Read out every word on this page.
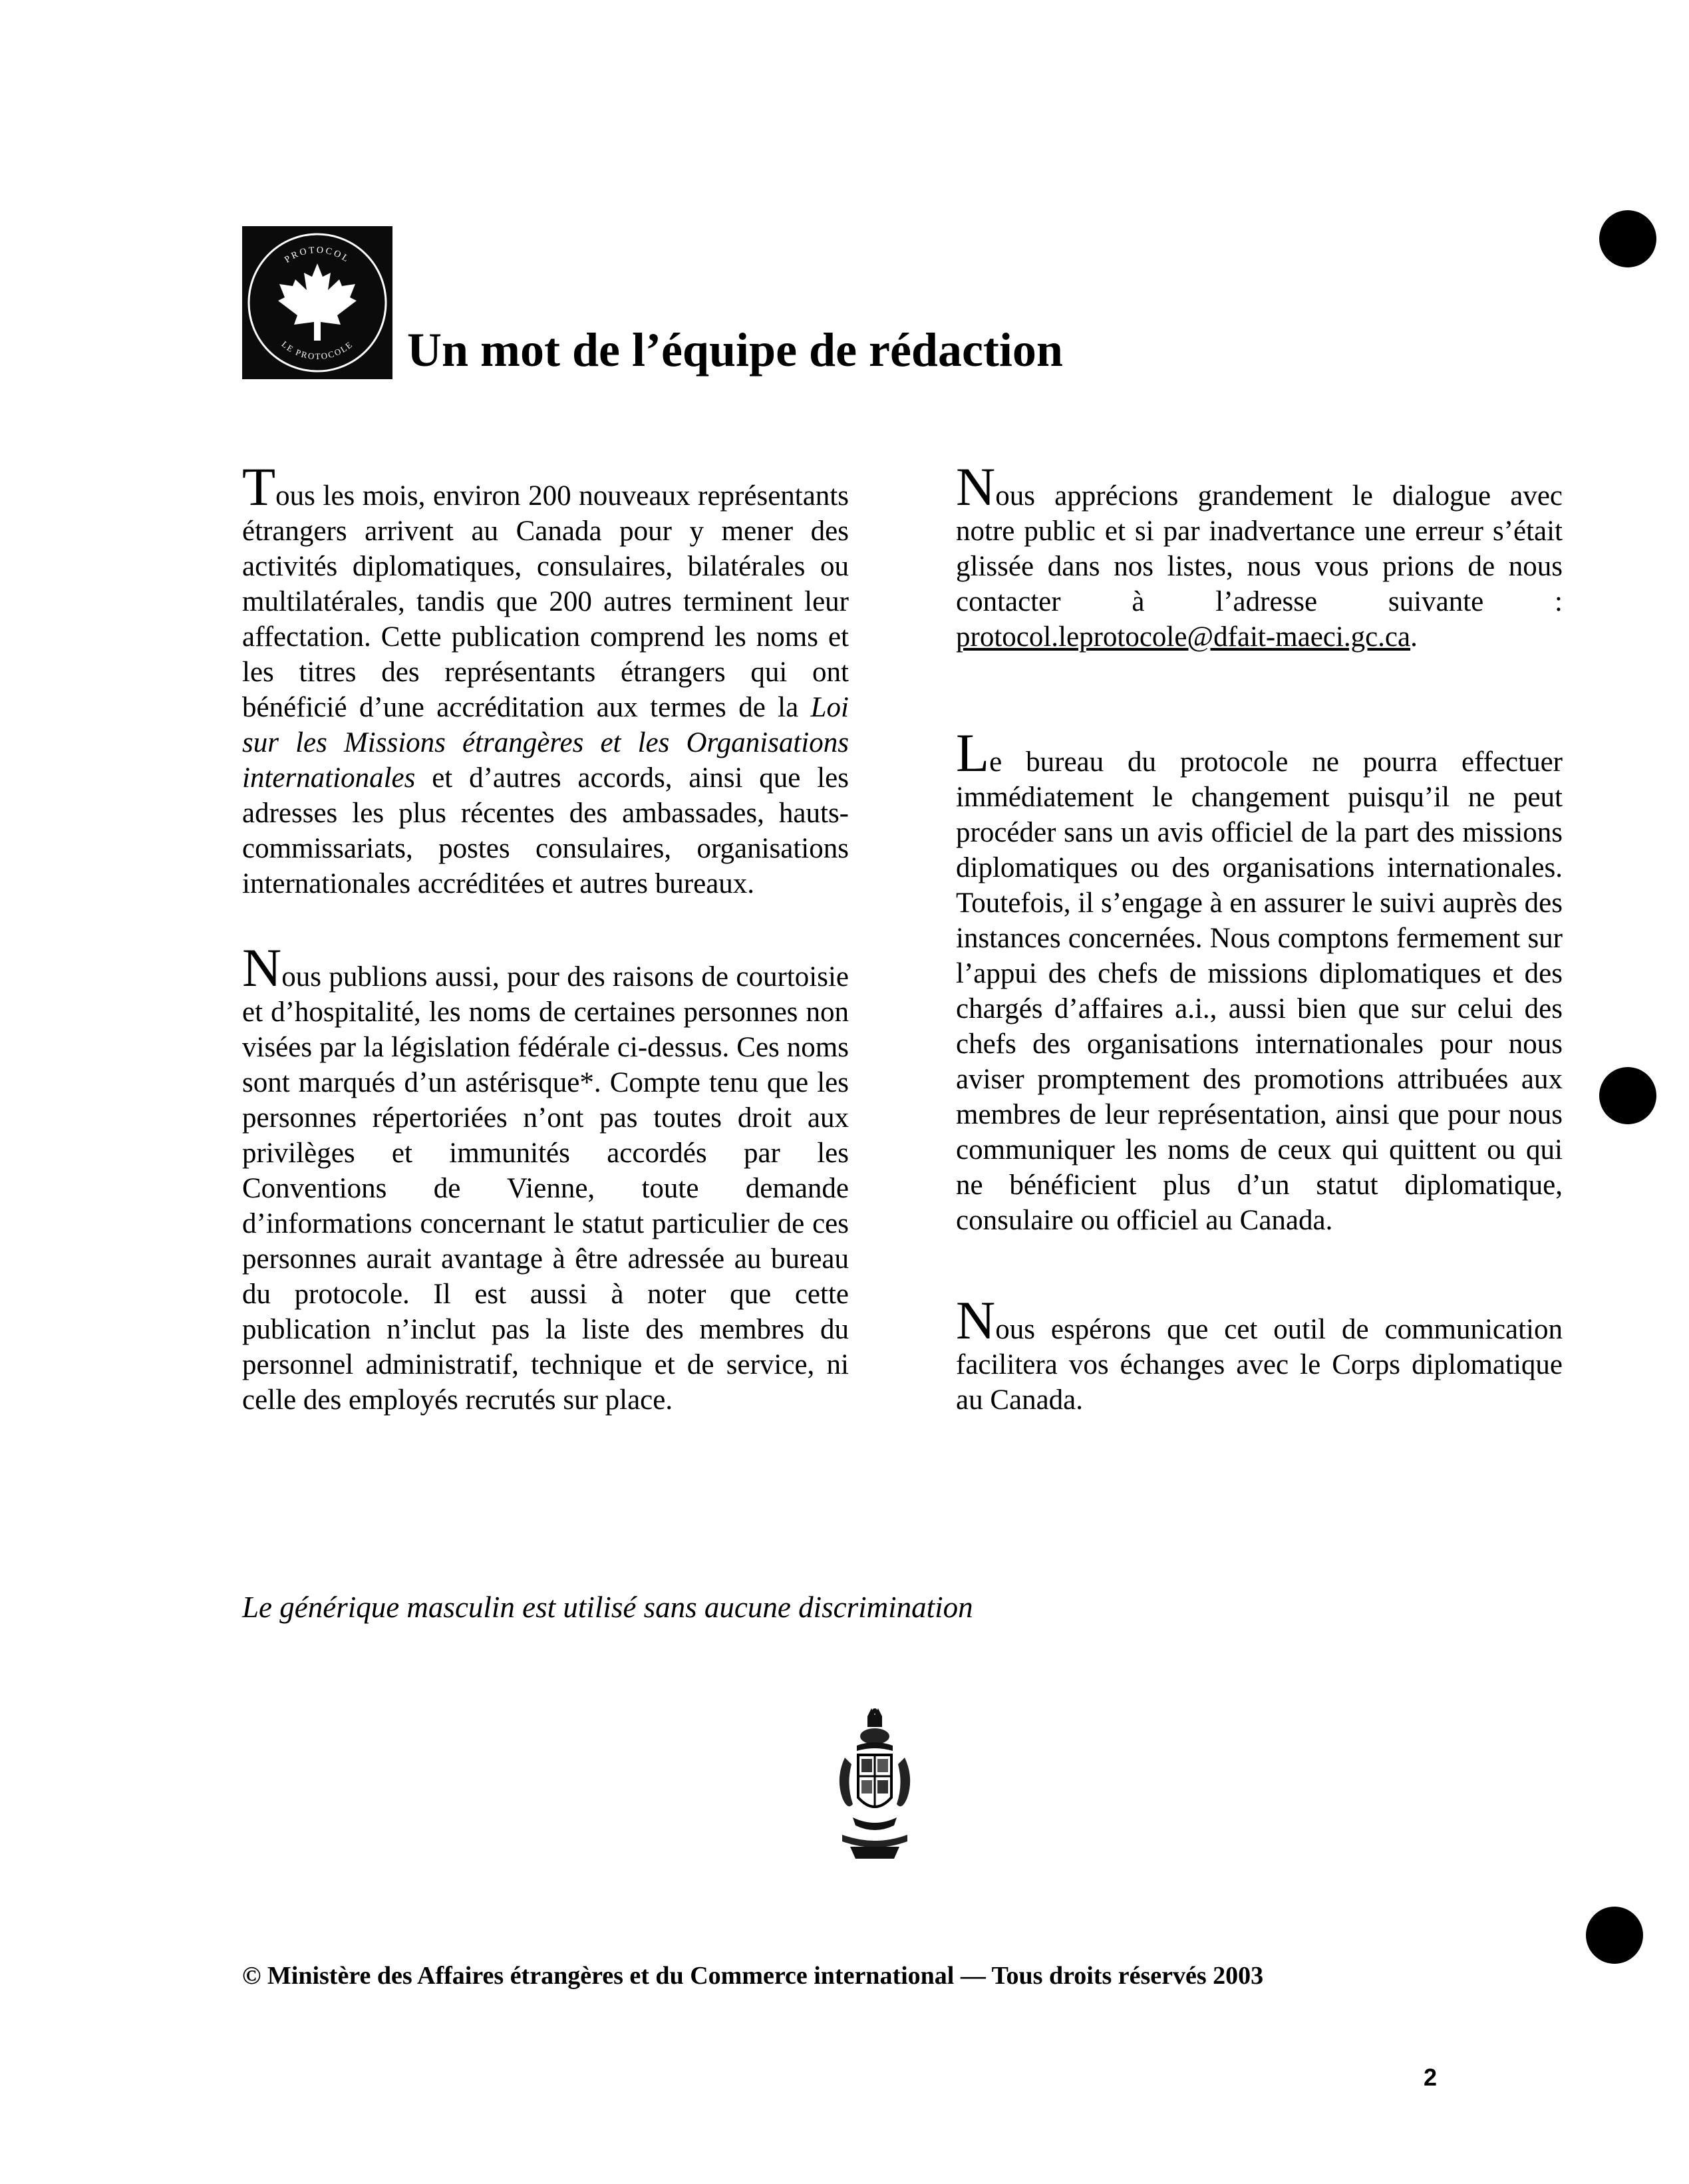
PROTOCOL
LE PROTOCOLE Un mot de l’équipe de rédaction

Tous les mois, environ 200 nouveaux représentants étrangers arrivent au Canada pour y mener des activités diplomatiques, consulaires, bilatérales ou multilatérales, tandis que 200 autres terminent leur affectation. Cette publication comprend les noms et les titres des représentants étrangers qui ont bénéficié d’une accréditation aux termes de la Loi sur les Missions étrangères et les Organisations internationales et d’autres accords, ainsi que les adresses les plus récentes des ambassades, hauts-commissariats, postes consulaires, organisations internationales accréditées et autres bureaux.

Nous publions aussi, pour des raisons de courtoisie et d’hospitalité, les noms de certaines personnes non visées par la législation fédérale ci-dessus. Ces noms sont marqués d’un astérisque*. Compte tenu que les personnes répertoriées n’ont pas toutes droit aux privilèges et immunités accordés par les Conventions de Vienne, toute demande d’informations concernant le statut particulier de ces personnes aurait avantage à être adressée au bureau du protocole. Il est aussi à noter que cette publication n’inclut pas la liste des membres du personnel administratif, technique et de service, ni celle des employés recrutés sur place.

Nous apprécions grandement le dialogue avec notre public et si par inadvertance une erreur s’était glissée dans nos listes, nous vous prions de nous contacter à l’adresse suivante : protocol.leprotocole@dfait-maeci.gc.ca.

Le bureau du protocole ne pourra effectuer immédiatement le changement puisqu’il ne peut procéder sans un avis officiel de la part des missions diplomatiques ou des organisations internationales. Toutefois, il s’engage à en assurer le suivi auprès des instances concernées. Nous comptons fermement sur l’appui des chefs de missions diplomatiques et des chargés d’affaires a.i., aussi bien que sur celui des chefs des organisations internationales pour nous aviser promptement des promotions attribuées aux membres de leur représentation, ainsi que pour nous communiquer les noms de ceux qui quittent ou qui ne bénéficient plus d’un statut diplomatique, consulaire ou officiel au Canada.

Nous espérons que cet outil de communication facilitera vos échanges avec le Corps diplomatique au Canada.

Le générique masculin est utilisé sans aucune discrimination

© Ministère des Affaires étrangères et du Commerce international — Tous droits réservés 2003

2
